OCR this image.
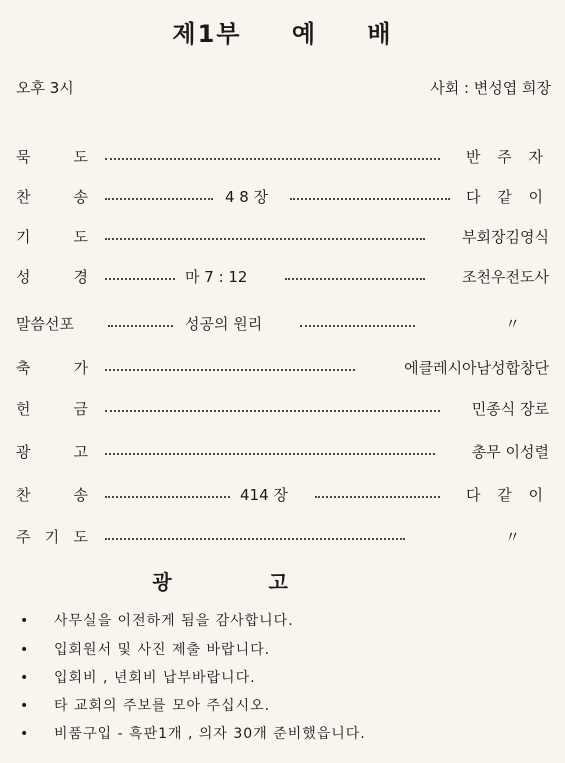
제1부 예 배
오후 3시	사회 : 변성엽 희장
묵 도	반 주 자
찬 송	4 8 장	다 같 이
기 도	부회장김영식
성 경	마 7 : 12	조천우전도사
말씀선포	성공의 원리	〃
축 가	에클레시아남성합창단
헌 금	민종식 장로
광 고	총무 이성렬
찬 송	414 장	다 같 이
주 기 도	〃
광 고
• 사무실을 이전하게 됨을 감사합니다.
• 입회원서 및 사진 제출 바랍니다.
• 입회비 , 년회비 납부바랍니다.
• 타 교회의 주보를 모아 주십시오.
• 비품구입 - 흑판1개 , 의자 30개 준비했읍니다.
